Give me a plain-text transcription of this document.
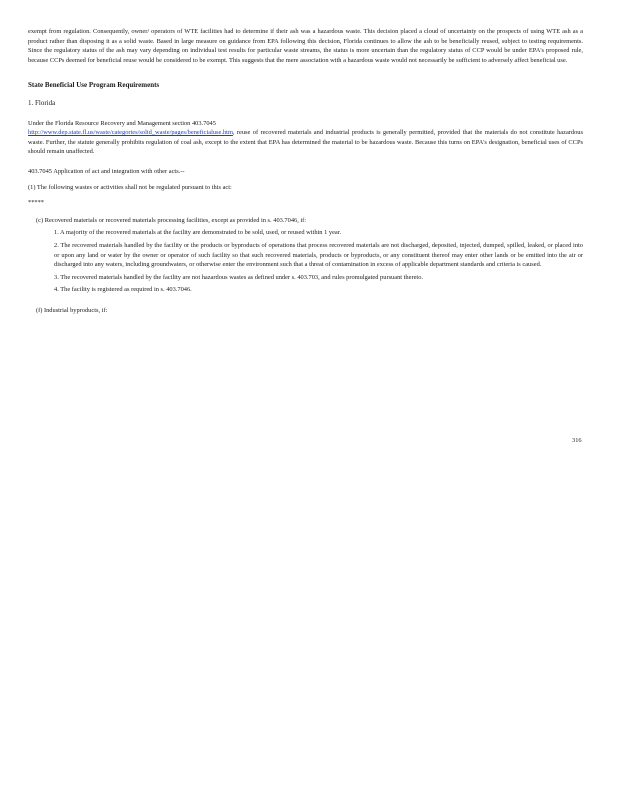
exempt from regulation. Consequently, owner/ operators of WTE facilities had to determine if their ash was a hazardous waste. This decision placed a cloud of uncertainty on the prospects of using WTE ash as a product rather than disposing it as a solid waste. Based in large measure on guidance from EPA following this decision, Florida continues to allow the ash to be beneficially reused, subject to testing requirements. Since the regulatory status of the ash may vary depending on individual test results for particular waste streams, the status is more uncertain than the regulatory status of CCP would be under EPA's proposed rule, because CCPs deemed for beneficial reuse would be considered to be exempt. This suggests that the mere association with a hazardous waste would not necessarily be sufficient to adversely affect beneficial use.

State Beneficial Use Program Requirements

1. Florida

Under the Florida Resource Recovery and Management section 403.7045
http://www.dep.state.fl.us/waste/categories/solid_waste/pages/beneficialuse.htm, reuse of recovered materials and industrial products is generally permitted, provided that the materials do not constitute hazardous waste. Further, the statute generally prohibits regulation of coal ash, except to the extent that EPA has determined the material to be hazardous waste. Because this turns on EPA's designation, beneficial uses of CCPs should remain unaffected.

403.7045 Application of act and integration with other acts.--

(1) The following wastes or activities shall not be regulated pursuant to this act:

*****

(c) Recovered materials or recovered materials processing facilities, except as provided in s. 403.7046, if:

1. A majority of the recovered materials at the facility are demonstrated to be sold, used, or reused within 1 year.

2. The recovered materials handled by the facility or the products or byproducts of operations that process recovered materials are not discharged, deposited, injected, dumped, spilled, leaked, or placed into or upon any land or water by the owner or operator of such facility so that such recovered materials, products or byproducts, or any constituent thereof may enter other lands or be emitted into the air or discharged into any waters, including groundwaters, or otherwise enter the environment such that a threat of contamination in excess of applicable department standards and criteria is caused.

3. The recovered materials handled by the facility are not hazardous wastes as defined under s. 403.703, and rules promulgated pursuant thereto.

4. The facility is registered as required in s. 403.7046.

(f) Industrial byproducts, if:

316
